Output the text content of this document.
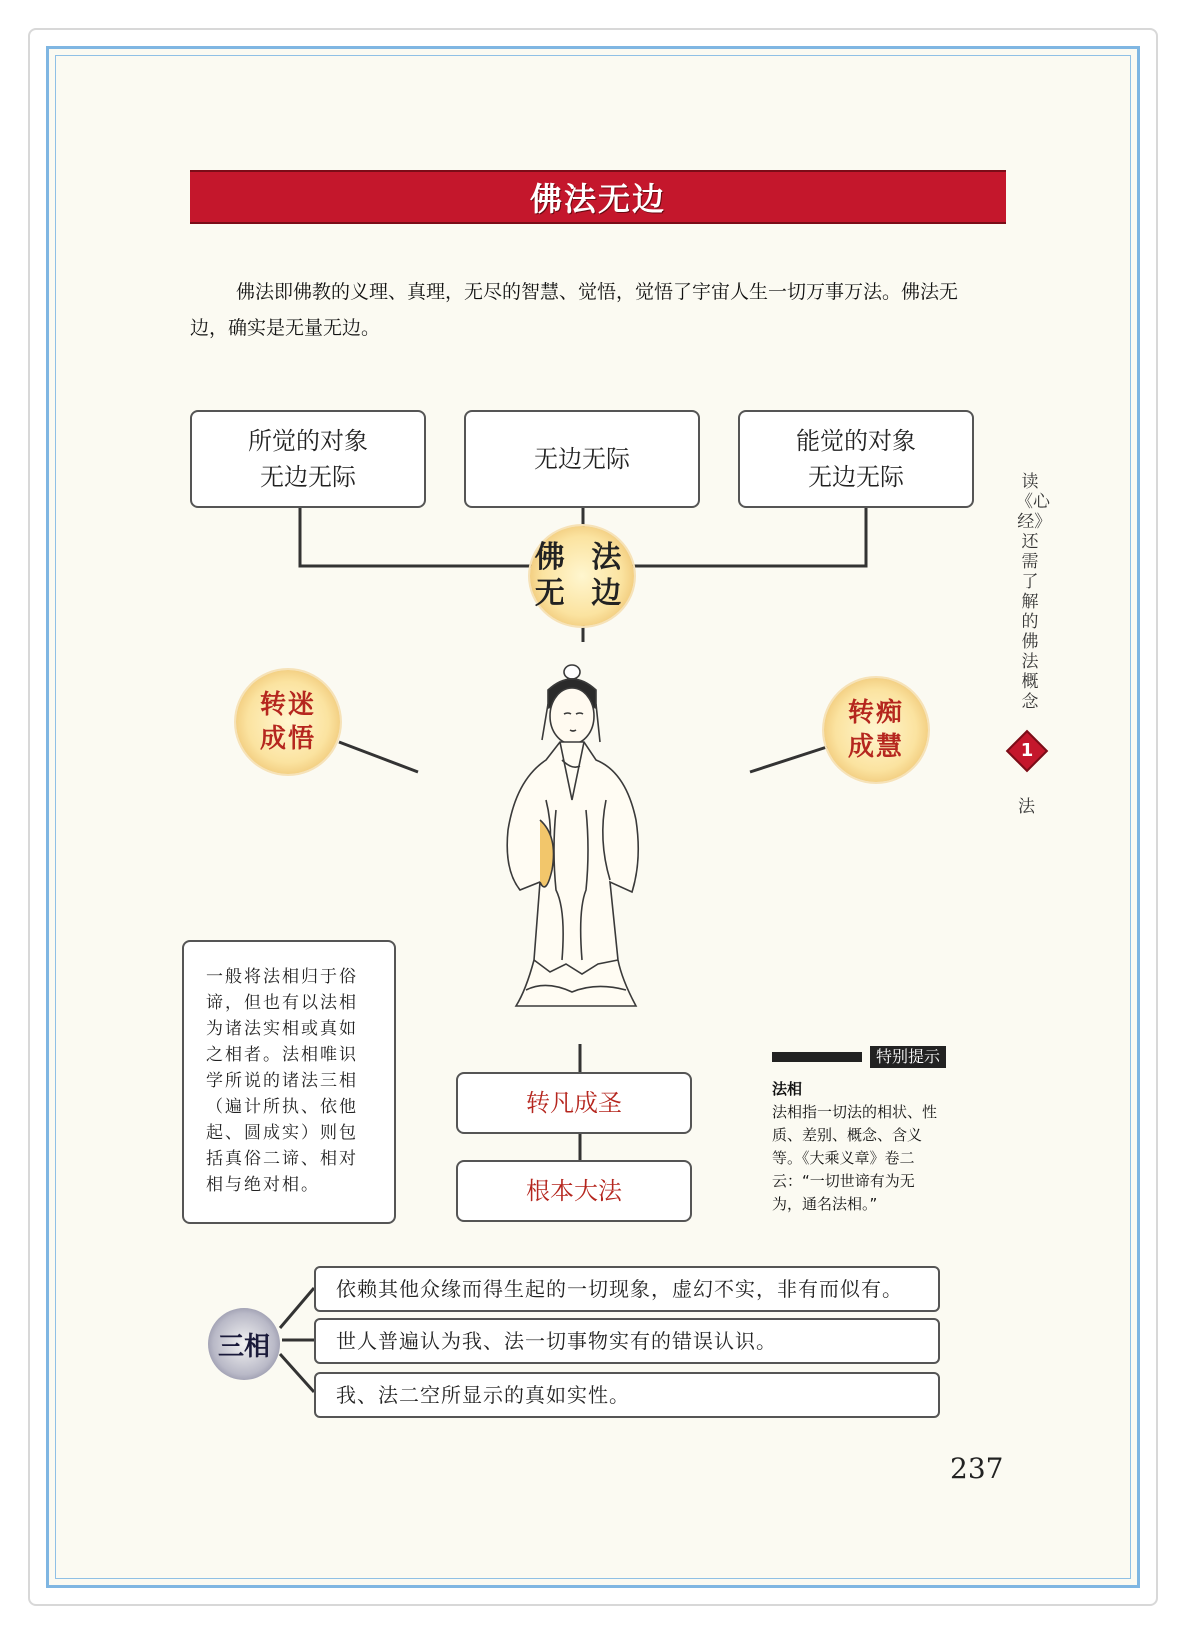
佛法无边
佛法即佛教的义理、真理，无尽的智慧、觉悟，觉悟了宇宙人生一切万事万法。佛法无边，确实是无量无边。
所觉的对象
无边无际
无边无际
能觉的对象
无边无际
佛 法
无 边
转迷
成悟
转痴
成慧
转凡成圣
根本大法
一般将法相归于俗谛，但也有以法相为诸法实相或真如之相者。法相唯识学所说的诸法三相（遍计所执、依他起、圆成实）则包括真俗二谛、相对相与绝对相。
特别提示
法相
法相指一切法的相状、性质、差别、概念、含义等。《大乘义章》卷二云：“一切世谛有为无为，通名法相。”
三相
依赖其他众缘而得生起的一切现象，虚幻不实，非有而似有。
世人普遍认为我、法一切事物实有的错误认识。
我、法二空所显示的真如实性。
读《心经》还需了解的佛法概念
1
法
237
